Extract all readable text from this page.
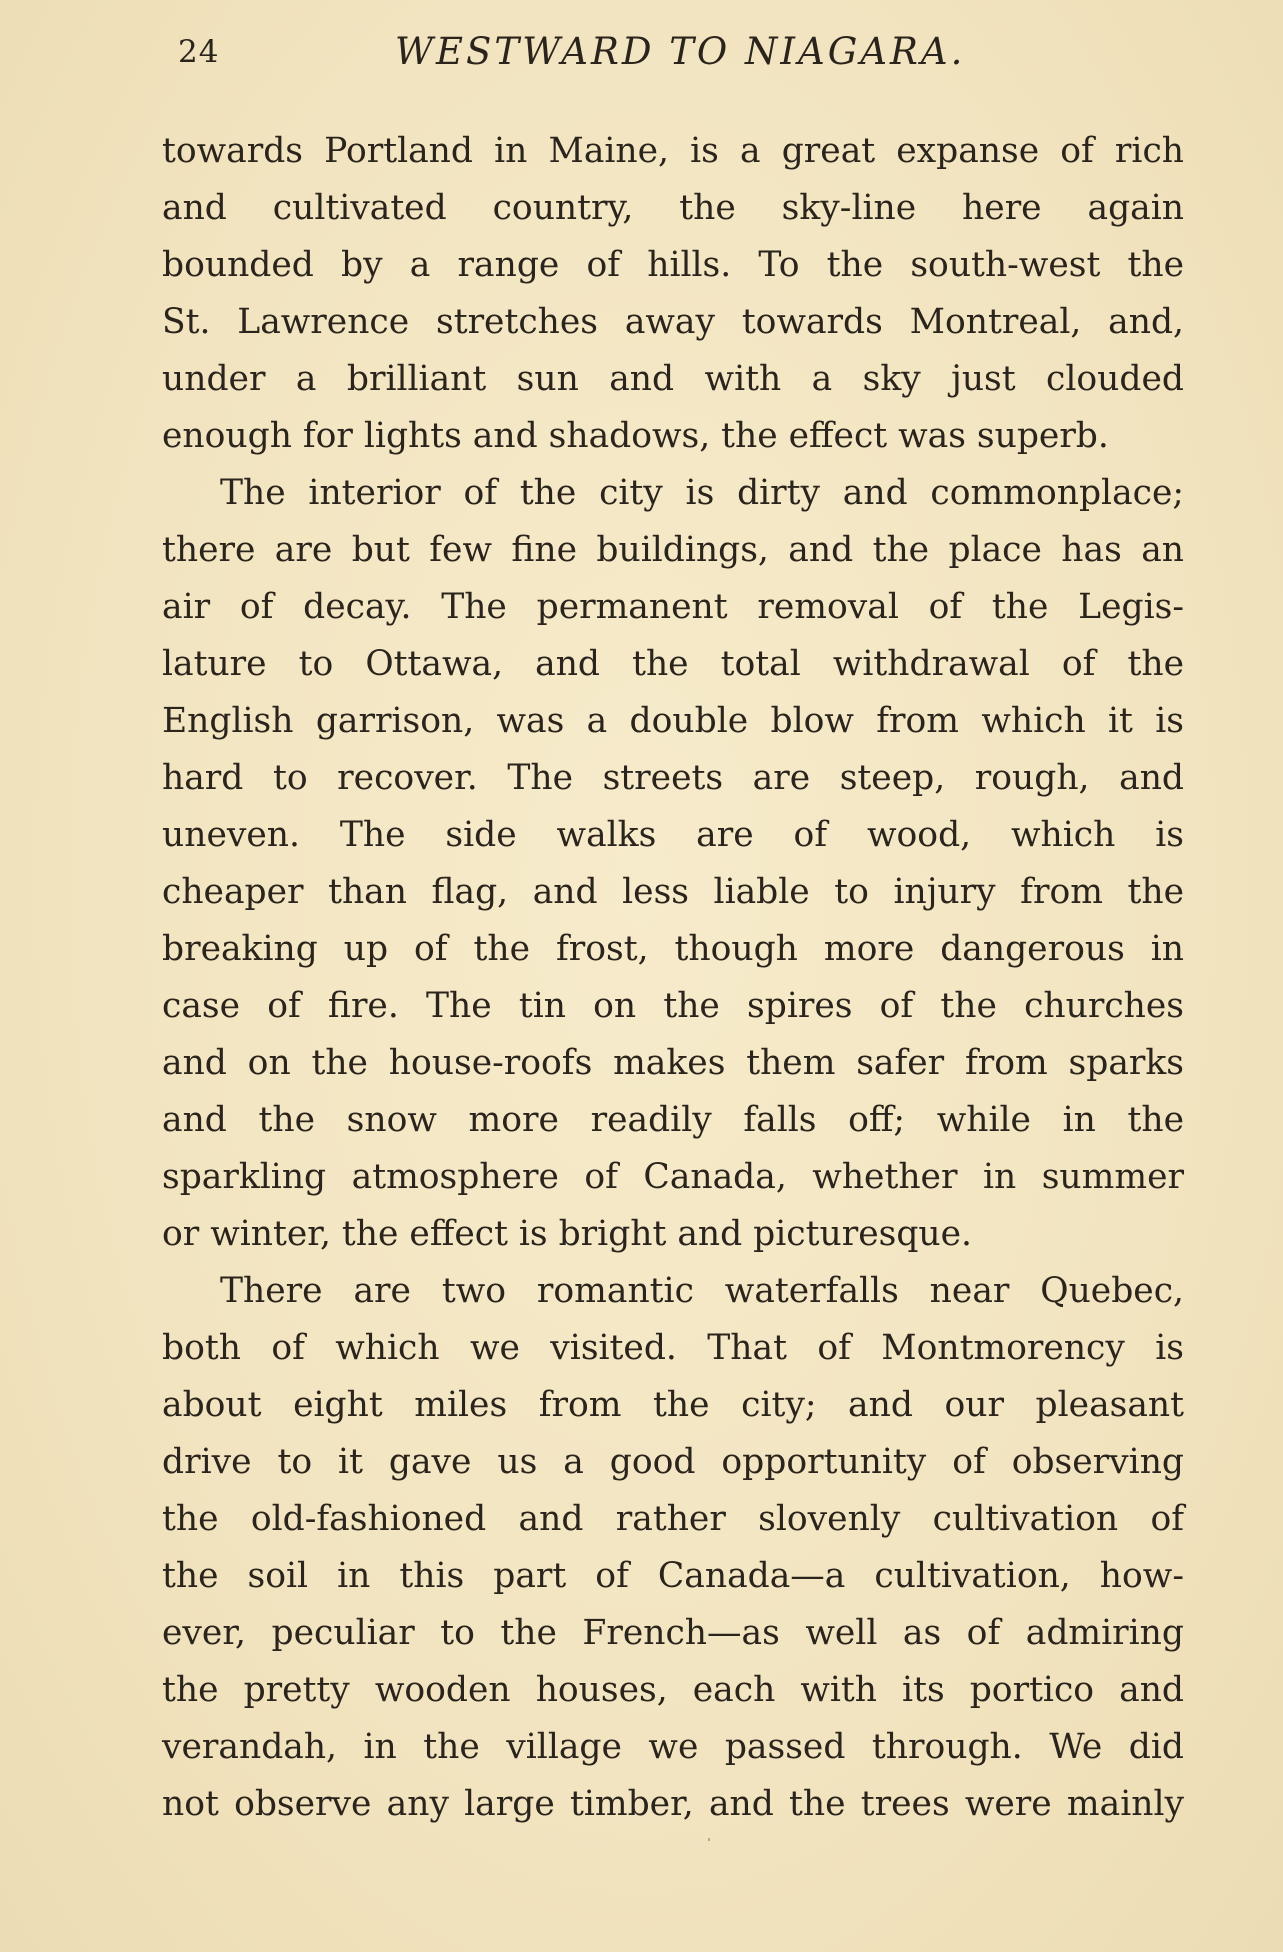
24	WESTWARD TO NIAGARA.
towards Portland in Maine, is a great expanse of rich
and cultivated country, the sky-line here again
bounded by a range of hills. To the south-west the
St. Lawrence stretches away towards Montreal, and,
under a brilliant sun and with a sky just clouded
enough for lights and shadows, the effect was superb.
The interior of the city is dirty and commonplace;
there are but few fine buildings, and the place has an
air of decay. The permanent removal of the Legis-
lature to Ottawa, and the total withdrawal of the
English garrison, was a double blow from which it is
hard to recover. The streets are steep, rough, and
uneven. The side walks are of wood, which is
cheaper than flag, and less liable to injury from the
breaking up of the frost, though more dangerous in
case of fire. The tin on the spires of the churches
and on the house-roofs makes them safer from sparks
and the snow more readily falls off; while in the
sparkling atmosphere of Canada, whether in summer
or winter, the effect is bright and picturesque.
There are two romantic waterfalls near Quebec,
both of which we visited. That of Montmorency is
about eight miles from the city; and our pleasant
drive to it gave us a good opportunity of observing
the old-fashioned and rather slovenly cultivation of
the soil in this part of Canada—a cultivation, how-
ever, peculiar to the French—as well as of admiring
the pretty wooden houses, each with its portico and
verandah, in the village we passed through. We did
not observe any large timber, and the trees were mainly
